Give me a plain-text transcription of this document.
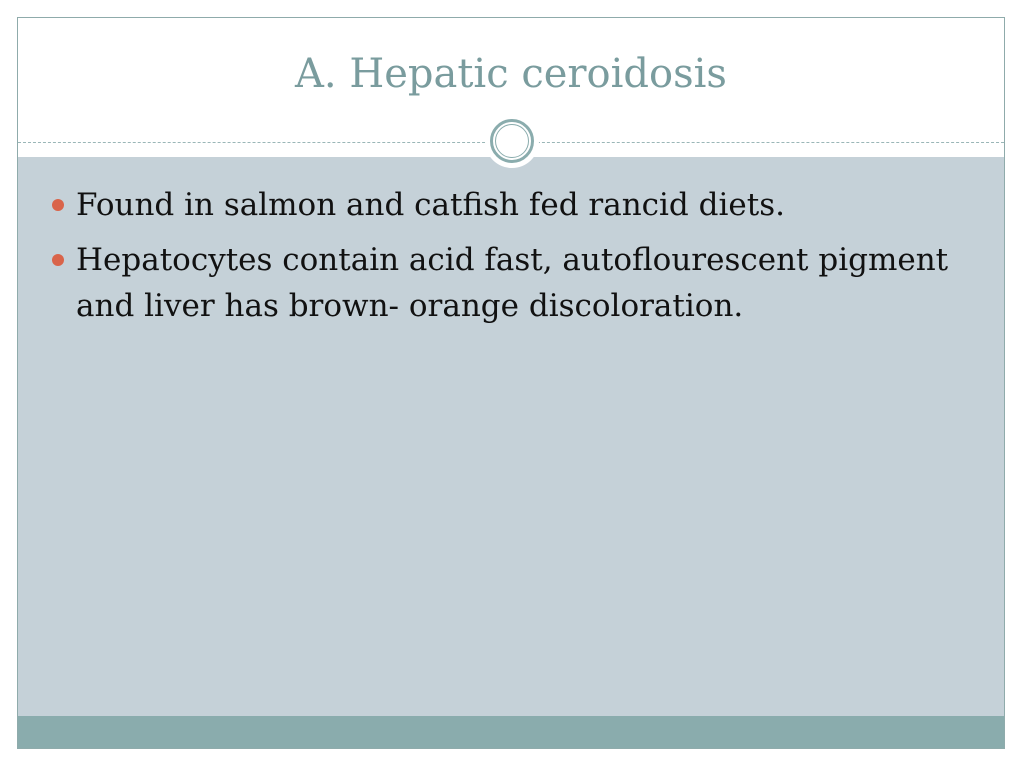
A. Hepatic ceroidosis
Found in salmon and catfish fed rancid diets.
Hepatocytes contain acid fast, autoflourescent pigment and liver has brown- orange discoloration.
